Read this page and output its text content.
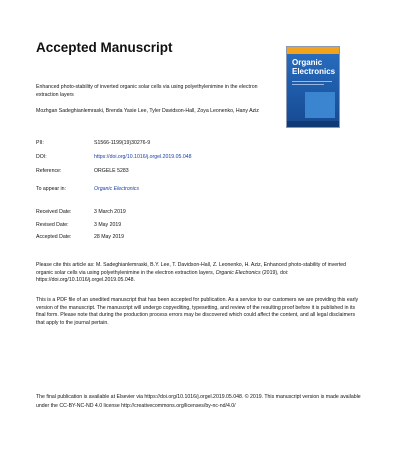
Accepted Manuscript
Organic Electronics
Enhanced photo-stability of inverted organic solar cells via using polyethylenimine in the electron extraction layers
Mozhgan Sadeghianlemraski, Brenda Yasie Lee, Tyler Davidson-Hall, Zoya Leonenko, Hany Aziz
PII:	S1566-1199(19)30276-9
DOI:	https://doi.org/10.1016/j.orgel.2019.05.048
Reference:	ORGELE 5283
To appear in:	Organic Electronics
Received Date:	3 March 2019
Revised Date:	3 May 2019
Accepted Date:	28 May 2019
Please cite this article as: M. Sadeghianlemraski, B.Y. Lee, T. Davidson-Hall, Z. Leonenko, H. Aziz, Enhanced photo-stability of inverted organic solar cells via using polyethylenimine in the electron extraction layers, Organic Electronics (2019), doi: https://doi.org/10.1016/j.orgel.2019.05.048.
This is a PDF file of an unedited manuscript that has been accepted for publication. As a service to our customers we are providing this early version of the manuscript. The manuscript will undergo copyediting, typesetting, and review of the resulting proof before it is published in its final form. Please note that during the production process errors may be discovered which could affect the content, and all legal disclaimers that apply to the journal pertain.
The final publication is available at Elsevier via https://doi.org/10.1016/j.orgel.2019.05.048. © 2019. This manuscript version is made available under the CC-BY-NC-ND 4.0 license http://creativecommons.org/licenses/by-nc-nd/4.0/
